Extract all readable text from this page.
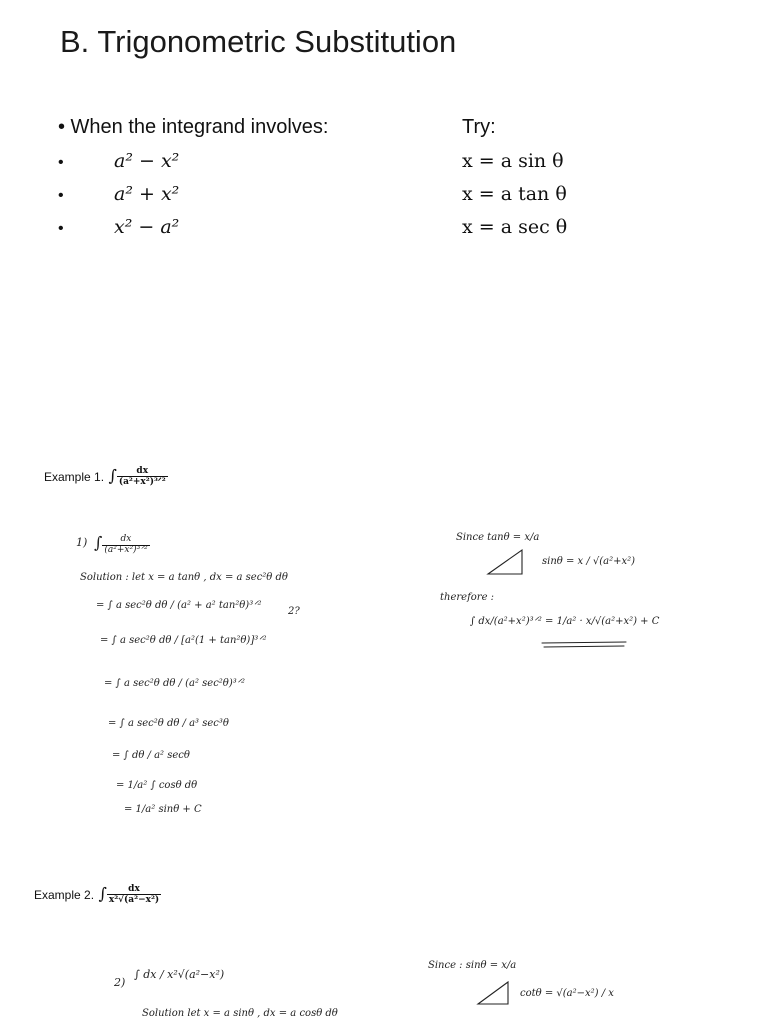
B. Trigonometric Substitution
• When the integrand involves:	Try:
•	a² − x²	x = a sin θ
•	a² + x²	x = a tan θ
•	x² − a²	x = a sec θ
Example 1. ∫ $\frac{dx}{\text{(a²+x²)³ᐟ²}}$
1) ∫ $\frac{dx}{\text{(a²+x²)³ᐟ²}}$
Solution : let x = a tanθ , dx = a sec²θ dθ
= ∫ a sec²θ dθ / (a² + a² tan²θ)³ᐟ²
= ∫ a sec²θ dθ / [a²(1 + tan²θ)]³ᐟ²
= ∫ a sec²θ dθ / (a² sec²θ)³ᐟ²
= ∫ a sec²θ dθ / a³ sec³θ
= ∫ dθ / a² secθ
= 1/a² ∫ cosθ dθ
= 1/a² sinθ + C
2?
Since tanθ = x/a
sinθ = x / √(a²+x²)
therefore :
∫ dx/(a²+x²)³ᐟ² = 1/a² · x/√(a²+x²) + C
Example 2. ∫ $\frac{dx}{\text{x²√(a²−x²)}}$
2)
∫ dx / x²√(a²−x²)
Solution let x = a sinθ , dx = a cosθ dθ
Since : sinθ = x/a
cotθ = √(a²−x²) / x
